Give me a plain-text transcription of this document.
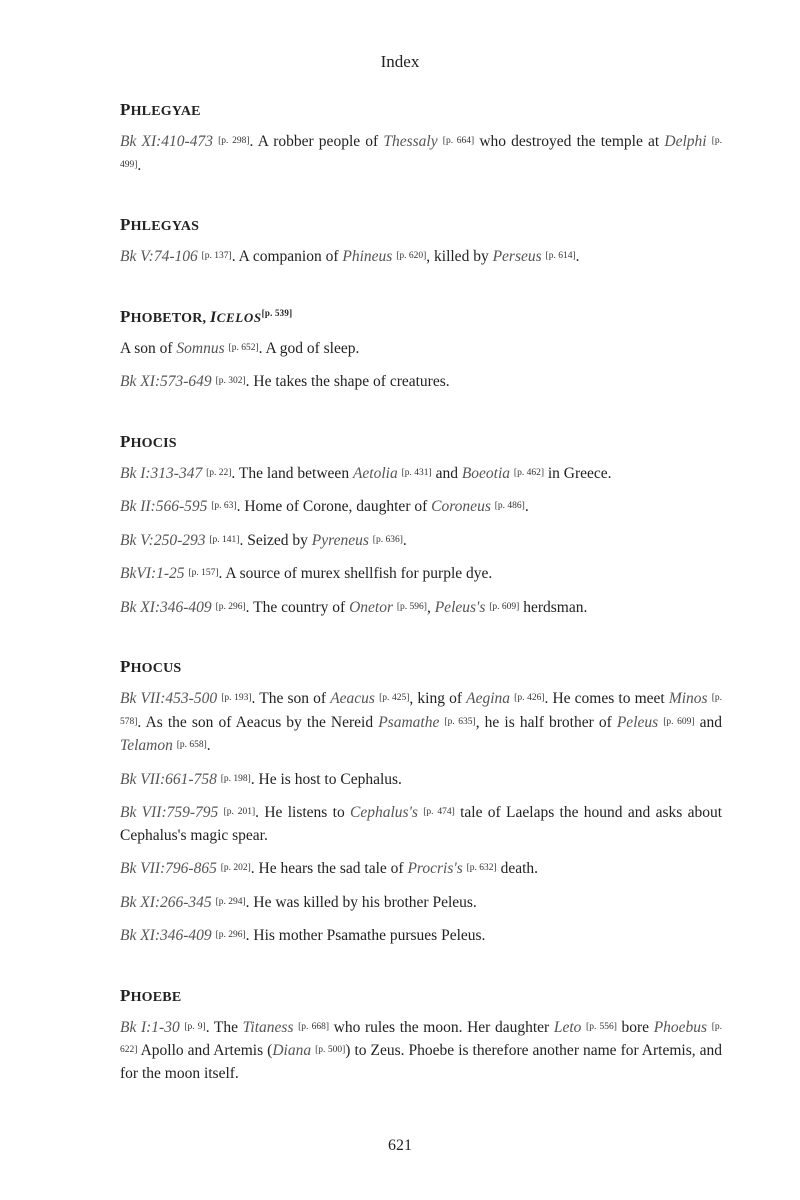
Index
PHLEGYAE

Bk XI:410-473 [p. 298]. A robber people of Thessaly [p. 664] who destroyed the temple at Delphi [p. 499].

PHLEGYAS

Bk V:74-106 [p. 137]. A companion of Phineus [p. 620], killed by Perseus [p. 614].

PHOBETOR, ICELOS[p. 539]

A son of Somnus [p. 652]. A god of sleep.

Bk XI:573-649 [p. 302]. He takes the shape of creatures.

PHOCIS

Bk I:313-347 [p. 22]. The land between Aetolia [p. 431] and Boeotia [p. 462] in Greece.

Bk II:566-595 [p. 63]. Home of Corone, daughter of Coroneus [p. 486].

Bk V:250-293 [p. 141]. Seized by Pyreneus [p. 636].

BkVI:1-25 [p. 157]. A source of murex shellfish for purple dye.

Bk XI:346-409 [p. 296]. The country of Onetor [p. 596], Peleus's [p. 609] herdsman.

PHOCUS

Bk VII:453-500 [p. 193]. The son of Aeacus [p. 425], king of Aegina [p. 426]. He comes to meet Minos [p. 578]. As the son of Aeacus by the Nereid Psamathe [p. 635], he is half brother of Peleus [p. 609] and Telamon [p. 658].

Bk VII:661-758 [p. 198]. He is host to Cephalus.

Bk VII:759-795 [p. 201]. He listens to Cephalus's [p. 474] tale of Laelaps the hound and asks about Cephalus's magic spear.

Bk VII:796-865 [p. 202]. He hears the sad tale of Procris's [p. 632] death.

Bk XI:266-345 [p. 294]. He was killed by his brother Peleus.

Bk XI:346-409 [p. 296]. His mother Psamathe pursues Peleus.

PHOEBE

Bk I:1-30 [p. 9]. The Titaness [p. 668] who rules the moon. Her daughter Leto [p. 556] bore Phoebus [p. 622] Apollo and Artemis (Diana [p. 500]) to Zeus. Phoebe is therefore another name for Artemis, and for the moon itself.

621
